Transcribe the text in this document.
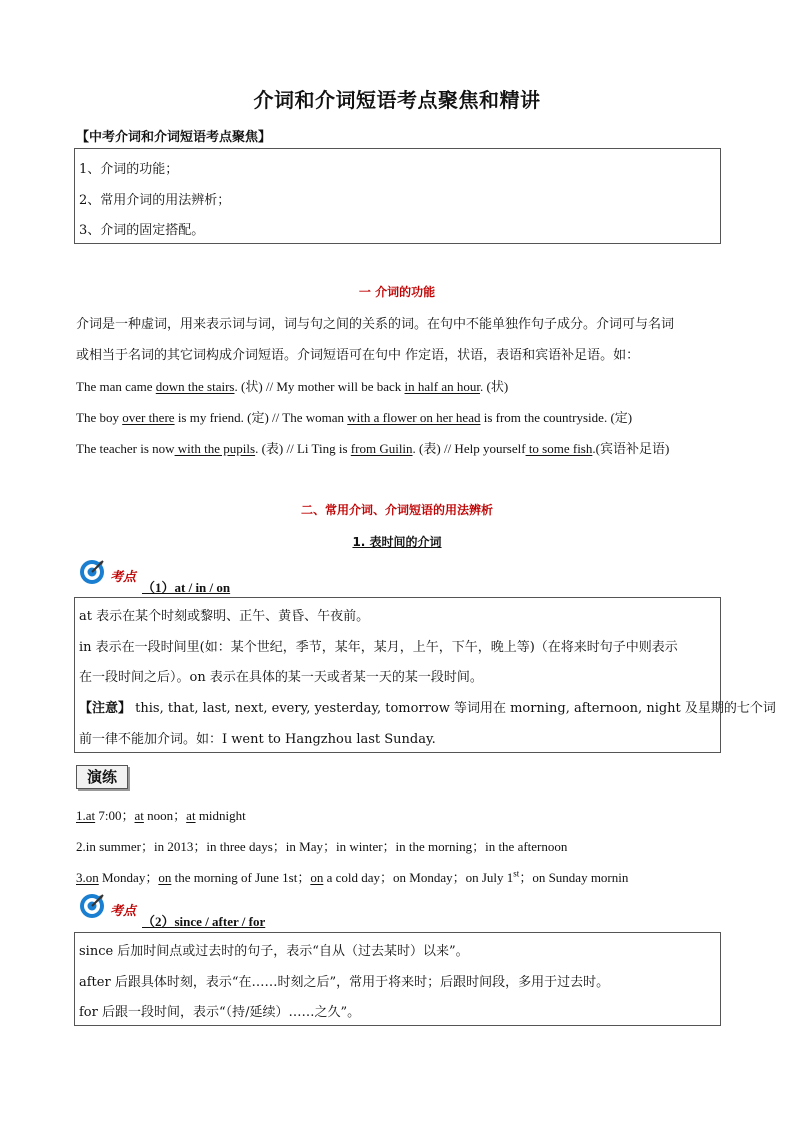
介词和介词短语考点聚焦和精讲
【中考介词和介词短语考点聚焦】
1、介词的功能；
2、常用介词的用法辨析；
3、介词的固定搭配。
一 介词的功能
介词是一种虚词，用来表示词与词，词与句之间的关系的词。在句中不能单独作句子成分。介词可与名词
或相当于名词的其它词构成介词短语。介词短语可在句中 作定语，状语，表语和宾语补足语。如：
The man came down the stairs. (状) // My mother will be back in half an hour. (状)
The boy over there is my friend. (定) // The woman with a flower on her head is from the countryside. (定)
The teacher is now with the pupils. (表) // Li Ting is from Guilin. (表) // Help yourself to some fish.(宾语补足语)
二、常用介词、介词短语的用法辨析
1. 表时间的介词
考点
（1）at / in / on
at 表示在某个时刻或黎明、正午、黄昏、午夜前。
in 表示在一段时间里(如：某个世纪，季节，某年，某月，上午，下午，晚上等)（在将来时句子中则表示
在一段时间之后）。on 表示在具体的某一天或者某一天的某一段时间。
【注意】 this, that, last, next, every, yesterday, tomorrow 等词用在 morning, afternoon, night 及星期的七个词
前一律不能加介词。如：I went to Hangzhou last Sunday.
演练
1.at 7:00；at noon；at midnight
2.in summer；in 2013；in three days；in May；in winter；in the morning；in the afternoon
3.on Monday；on the morning of June 1st；on a cold day；on Monday；on July 1st；on Sunday mornin
考点
（2）since / after / for
since 后加时间点或过去时的句子，表示“自从（过去某时）以来”。
after 后跟具体时刻，表示“在……时刻之后”，常用于将来时；后跟时间段，多用于过去时。
for 后跟一段时间，表示“（持/延续）……之久”。
